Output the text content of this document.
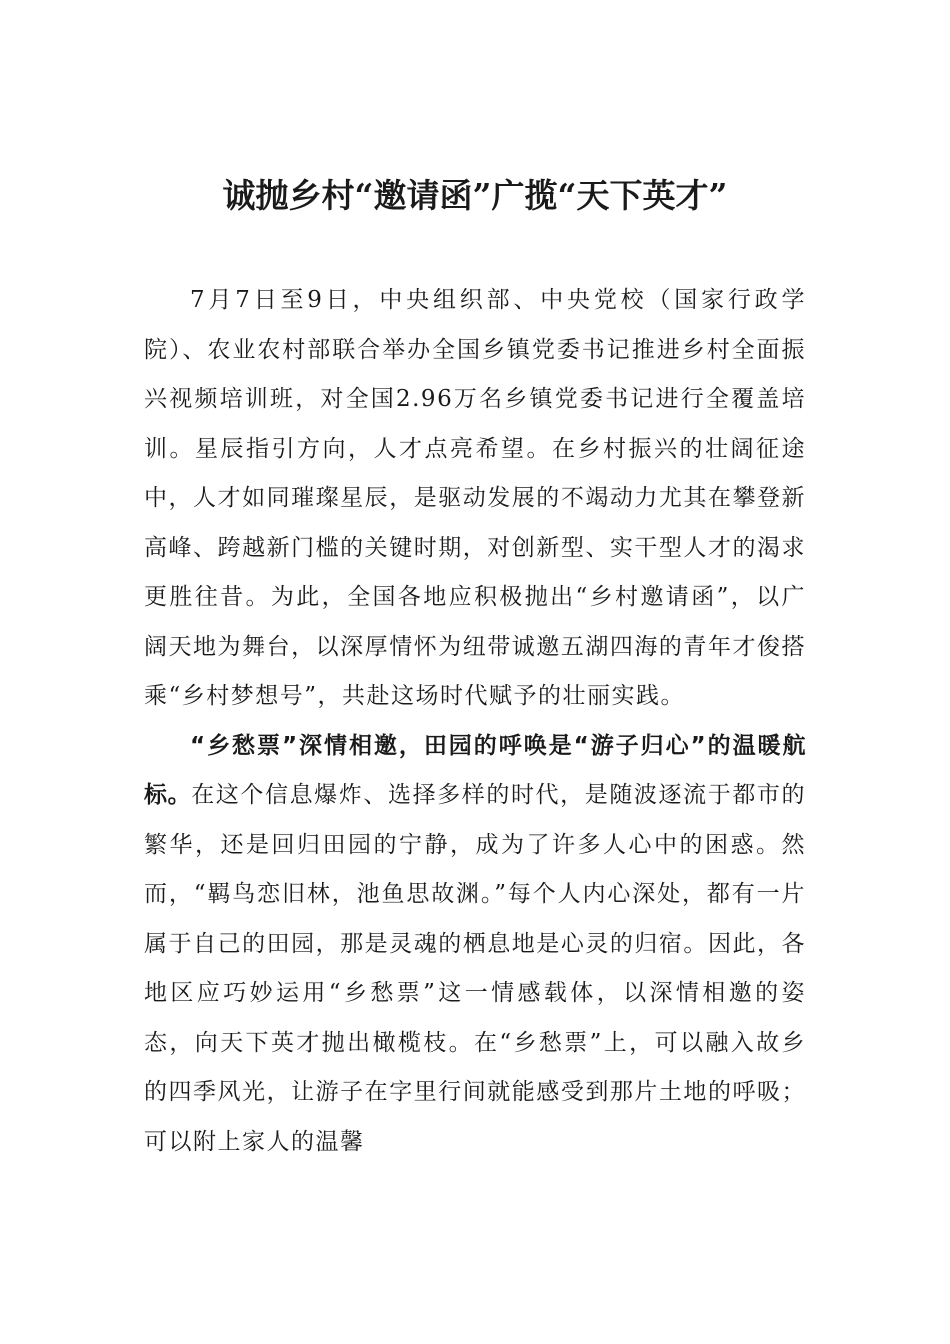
诚抛乡村“邀请函”广揽“天下英才”

7月7日至9日，中央组织部、中央党校（国家行政学院）、农业农村部联合举办全国乡镇党委书记推进乡村全面振兴视频培训班，对全国2.96万名乡镇党委书记进行全覆盖培训。星辰指引方向，人才点亮希望。在乡村振兴的壮阔征途中，人才如同璀璨星辰，是驱动发展的不竭动力尤其在攀登新高峰、跨越新门槛的关键时期，对创新型、实干型人才的渴求更胜往昔。为此，全国各地应积极抛出“乡村邀请函”，以广阔天地为舞台，以深厚情怀为纽带诚邀五湖四海的青年才俊搭乘“乡村梦想号”，共赴这场时代赋予的壮丽实践。

“乡愁票”深情相邀，田园的呼唤是“游子归心”的温暖航标。在这个信息爆炸、选择多样的时代，是随波逐流于都市的繁华，还是回归田园的宁静，成为了许多人心中的困惑。然而，“羁鸟恋旧林，池鱼思故渊。”每个人内心深处，都有一片属于自己的田园，那是灵魂的栖息地是心灵的归宿。因此，各地区应巧妙运用“乡愁票”这一情感载体，以深情相邀的姿态，向天下英才抛出橄榄枝。在“乡愁票”上，可以融入故乡的四季风光，让游子在字里行间就能感受到那片土地的呼吸；可以附上家人的温馨
